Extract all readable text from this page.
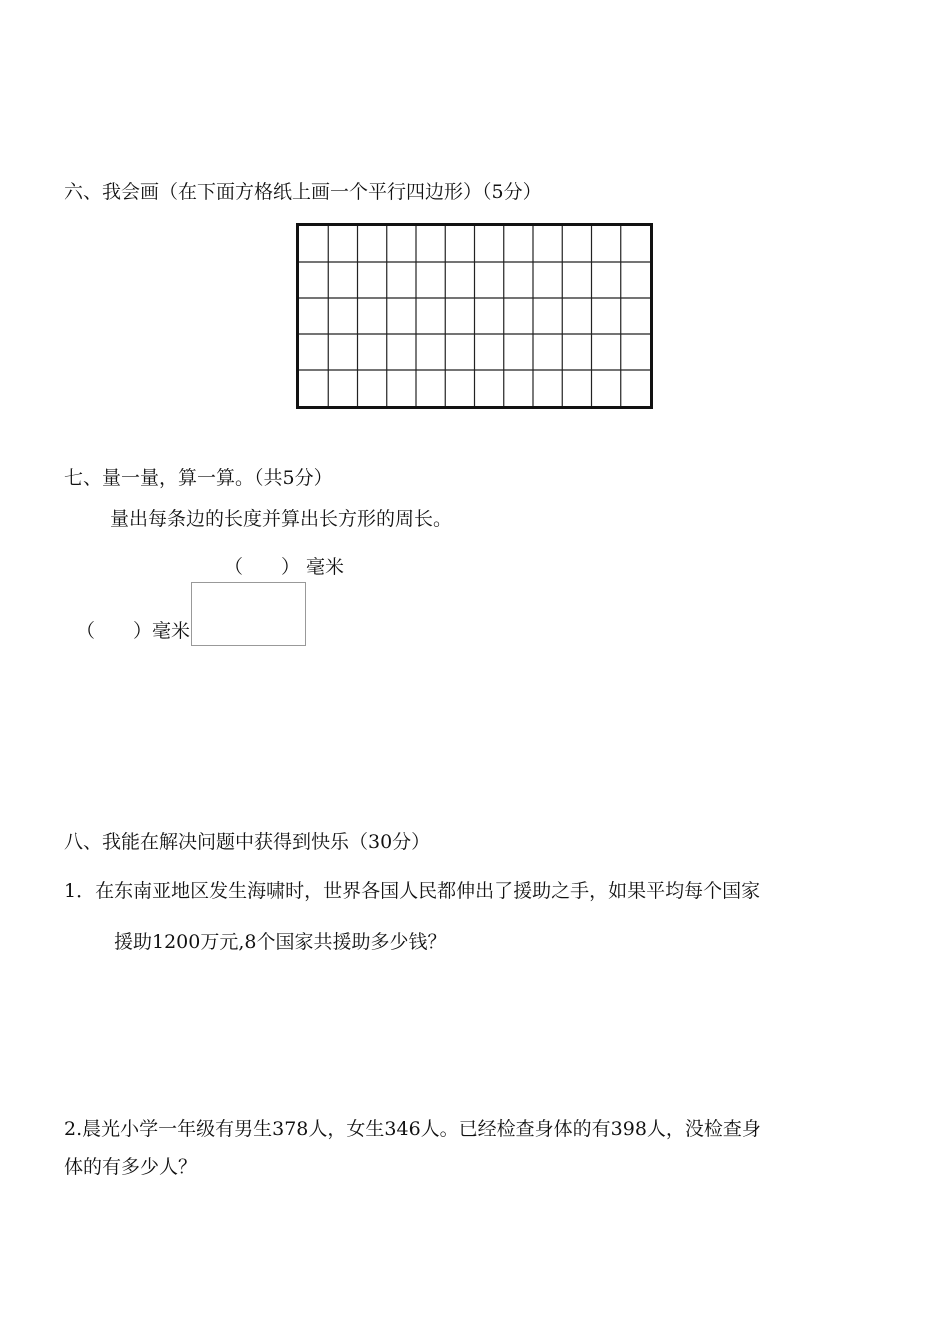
六、我会画（在下面方格纸上画一个平行四边形）（5分）
七、量一量，算一算。（共5分）
量出每条边的长度并算出长方形的周长。
（　　） 毫米
（　　）毫米
八、我能在解决问题中获得到快乐（30分）
1．在东南亚地区发生海啸时，世界各国人民都伸出了援助之手，如果平均每个国家
援助1200万元,8个国家共援助多少钱？
2.晨光小学一年级有男生378人，女生346人。已经检查身体的有398人，没检查身
体的有多少人？
